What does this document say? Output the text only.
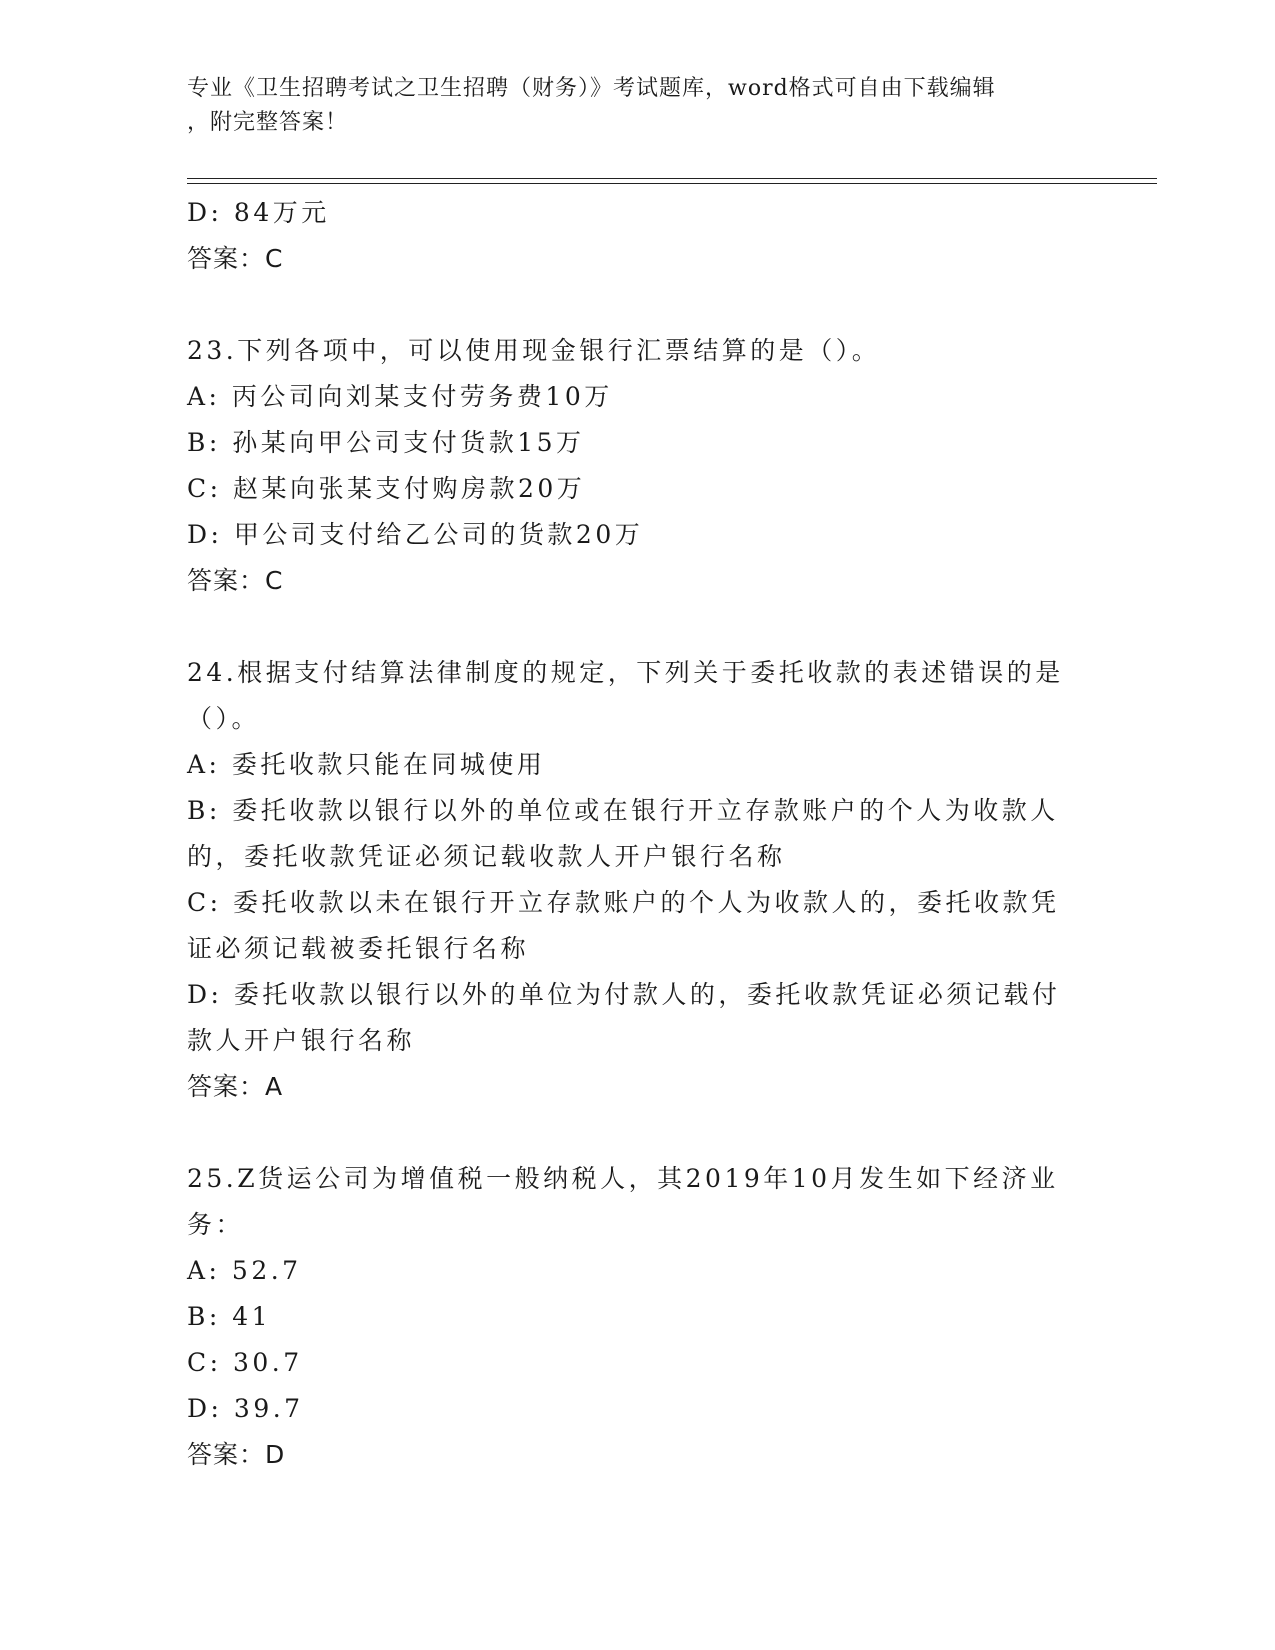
专业《卫生招聘考试之卫生招聘（财务）》考试题库，word格式可自由下载编辑
，附完整答案！
D: 84万元
答案：C
23.下列各项中，可以使用现金银行汇票结算的是（）。
A: 丙公司向刘某支付劳务费10万
B: 孙某向甲公司支付货款15万
C: 赵某向张某支付购房款20万
D: 甲公司支付给乙公司的货款20万
答案：C
24.根据支付结算法律制度的规定，下列关于委托收款的表述错误的是
（）。
A: 委托收款只能在同城使用
B: 委托收款以银行以外的单位或在银行开立存款账户的个人为收款人
的，委托收款凭证必须记载收款人开户银行名称
C: 委托收款以未在银行开立存款账户的个人为收款人的，委托收款凭
证必须记载被委托银行名称
D: 委托收款以银行以外的单位为付款人的，委托收款凭证必须记载付
款人开户银行名称
答案：A
25.Z货运公司为增值税一般纳税人，其2019年10月发生如下经济业
务：
A: 52.7
B: 41
C: 30.7
D: 39.7
答案：D
